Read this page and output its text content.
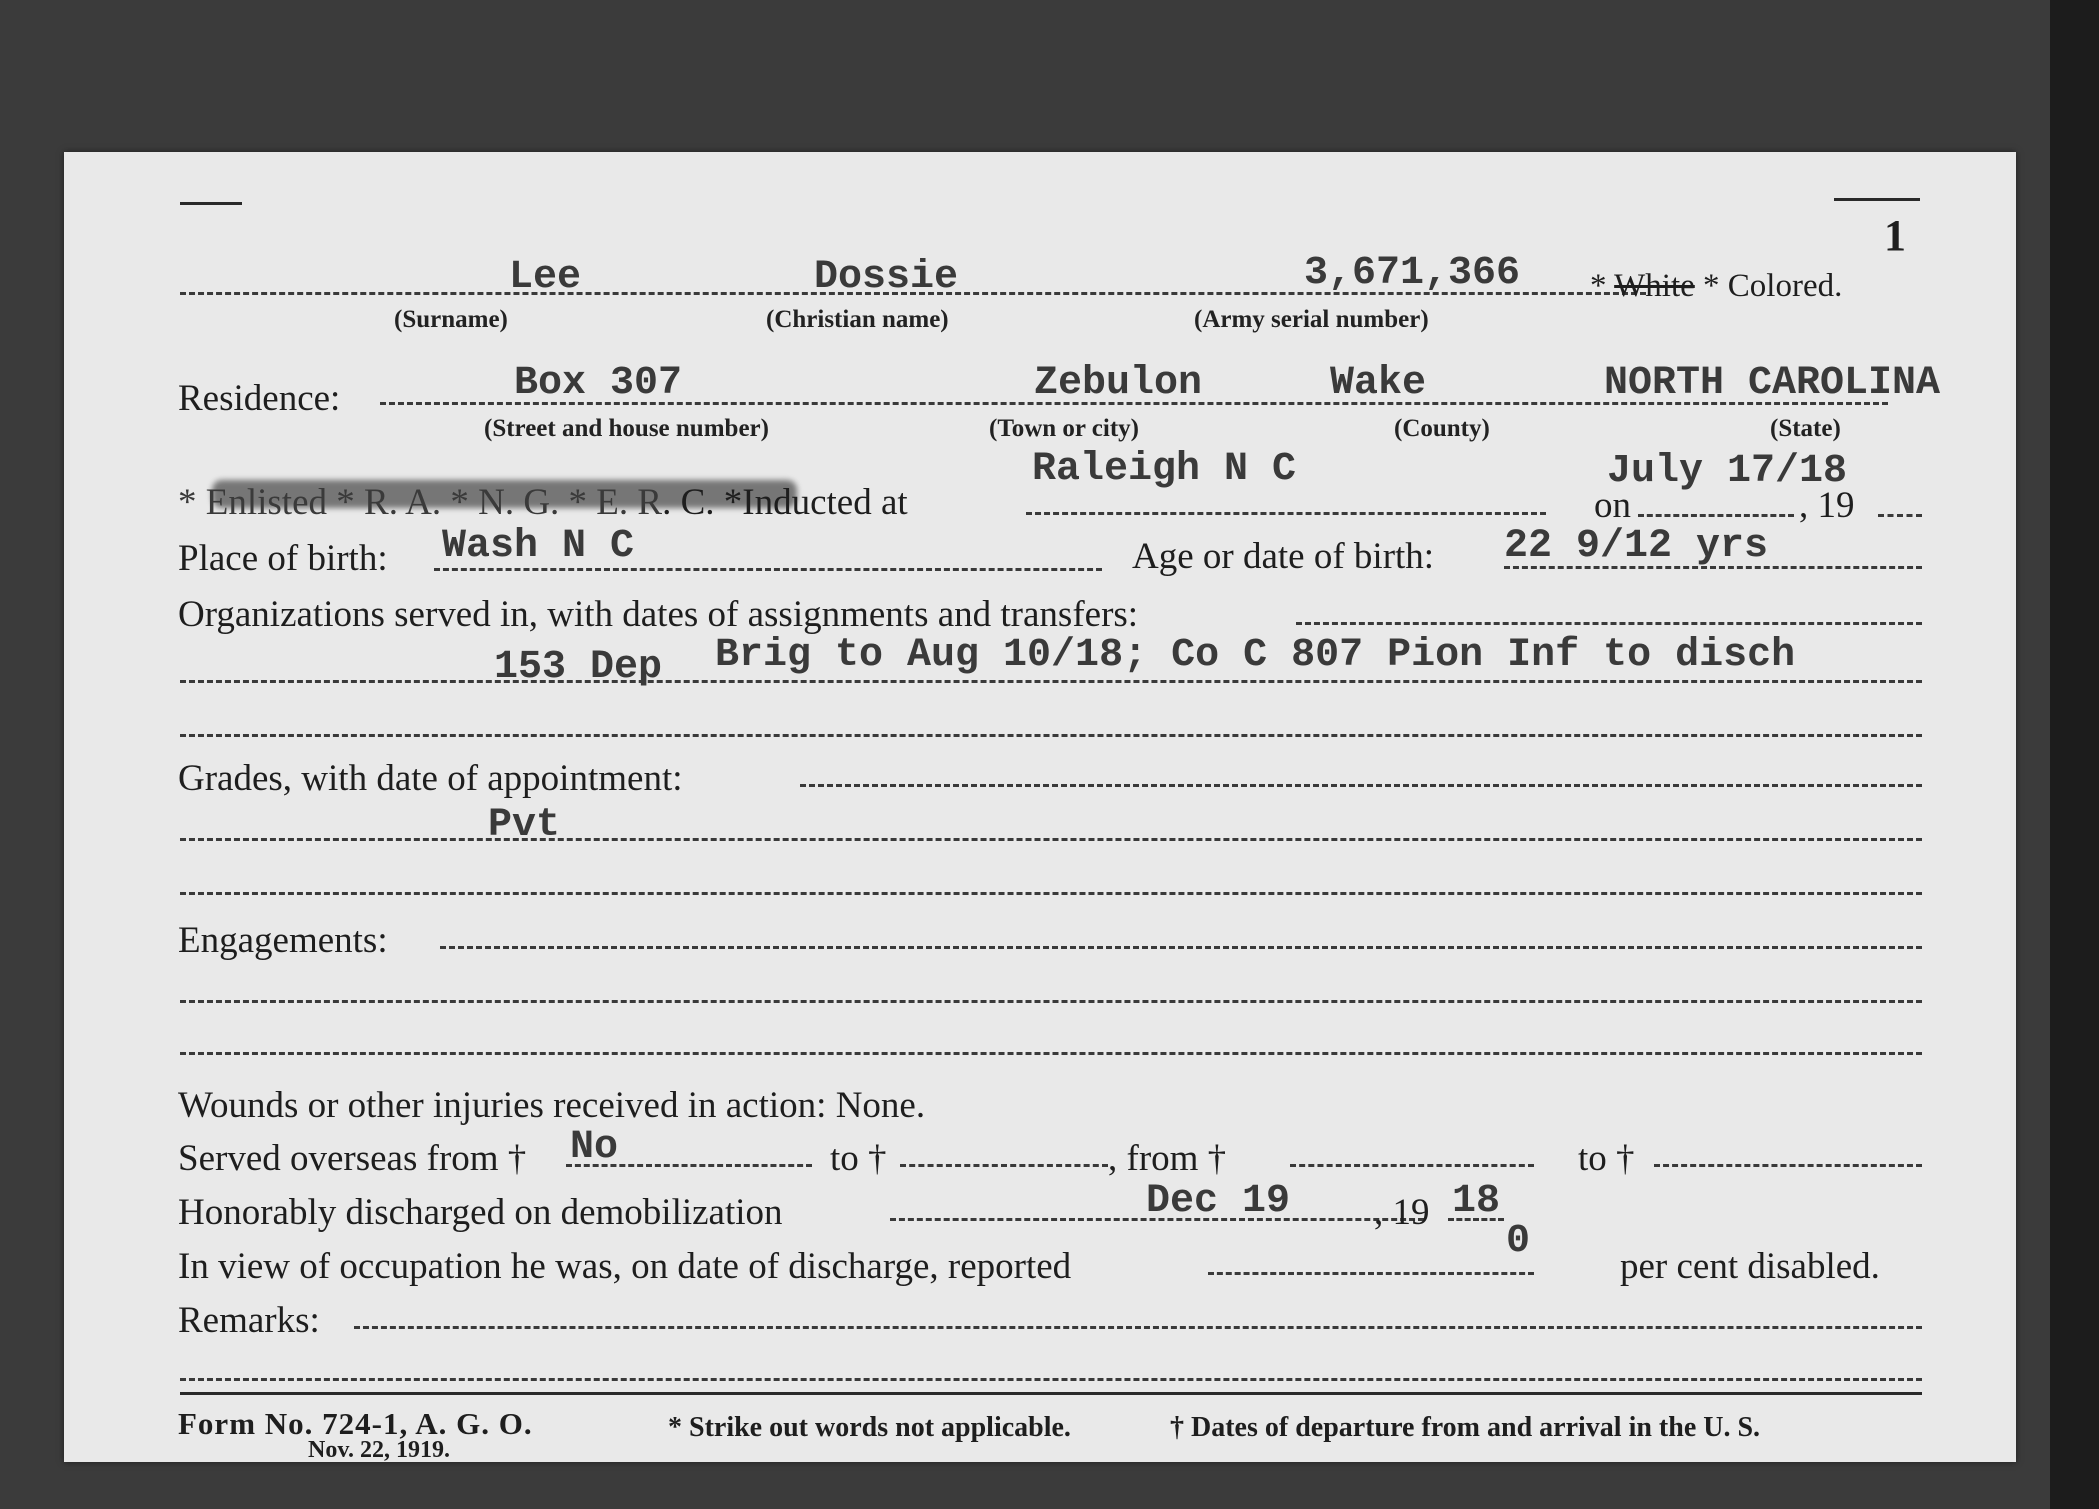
1
Lee	Dossie	3,671,366
(Surname)	(Christian name)	(Army serial number)
* White * Colored.
Residence:	Box 307	Zebulon	Wake	NORTH CAROLINA
(Street and house number)	(Town or city)	(County)	(State)
* Enlisted * R. A. * N. G. * E. R. C. *Inducted at
Raleigh N C
on
July 17/18
, 19
Place of birth: Wash N C	Age or date of birth: 22 9/12 yrs
Organizations served in, with dates of assignments and transfers:
153 Dep Brig to Aug 10/18; Co C 807 Pion Inf to disch
Grades, with date of appointment:
Pvt
Engagements:
Wounds or other injuries received in action: None.
Served overseas from † No	to †	, from †	to †
Honorably discharged on demobilization	Dec 19 , 19 18
In view of occupation he was, on date of discharge, reported
0
per cent disabled.
Remarks:
Form No. 724-1, A. G. O.
Nov. 22, 1919.
* Strike out words not applicable.	† Dates of departure from and arrival in the U. S.
